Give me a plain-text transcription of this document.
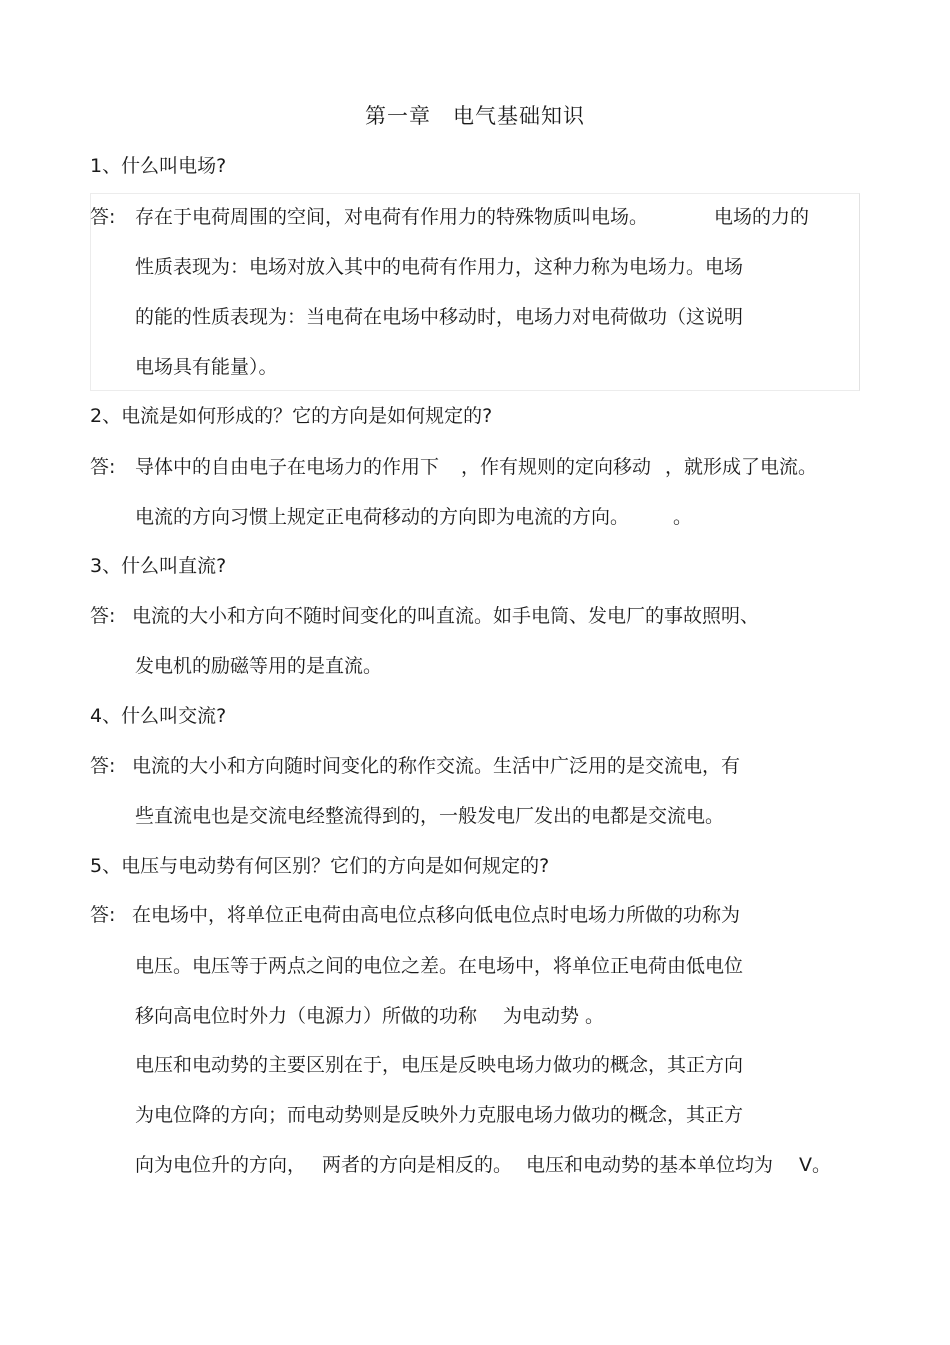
第一章　电气基础知识
1、什么叫电场?
答: 存在于电荷周围的空间，对电荷有作用力的特殊物质叫电场。	电场的力的
性质表现为：电场对放入其中的电荷有作用力，这种力称为电场力。电场
的能的性质表现为：当电荷在电场中移动时，电场力对电荷做功（这说明
电场具有能量）。
2、电流是如何形成的？它的方向是如何规定的?
答: 导体中的自由电子在电场力的作用下 ，作有规则的定向移动 ，就形成了电流。
电流的方向习惯上规定正电荷移动的方向即为电流的方向。 。
3、什么叫直流?
答: 电流的大小和方向不随时间变化的叫直流。如手电筒、发电厂的事故照明、
发电机的励磁等用的是直流。
4、什么叫交流?
答: 电流的大小和方向随时间变化的称作交流。生活中广泛用的是交流电，有
些直流电也是交流电经整流得到的，一般发电厂发出的电都是交流电。
5、电压与电动势有何区别？它们的方向是如何规定的?
答: 在电场中，将单位正电荷由高电位点移向低电位点时电场力所做的功称为
电压。电压等于两点之间的电位之差。在电场中，将单位正电荷由低电位
移向高电位时外力（电源力）所做的功称 为电动势 。
电压和电动势的主要区别在于，电压是反映电场力做功的概念，其正方向
为电位降的方向；而电动势则是反映外力克服电场力做功的概念，其正方
向为电位升的方向， 两者的方向是相反的。 电压和电动势的基本单位均为 V。
